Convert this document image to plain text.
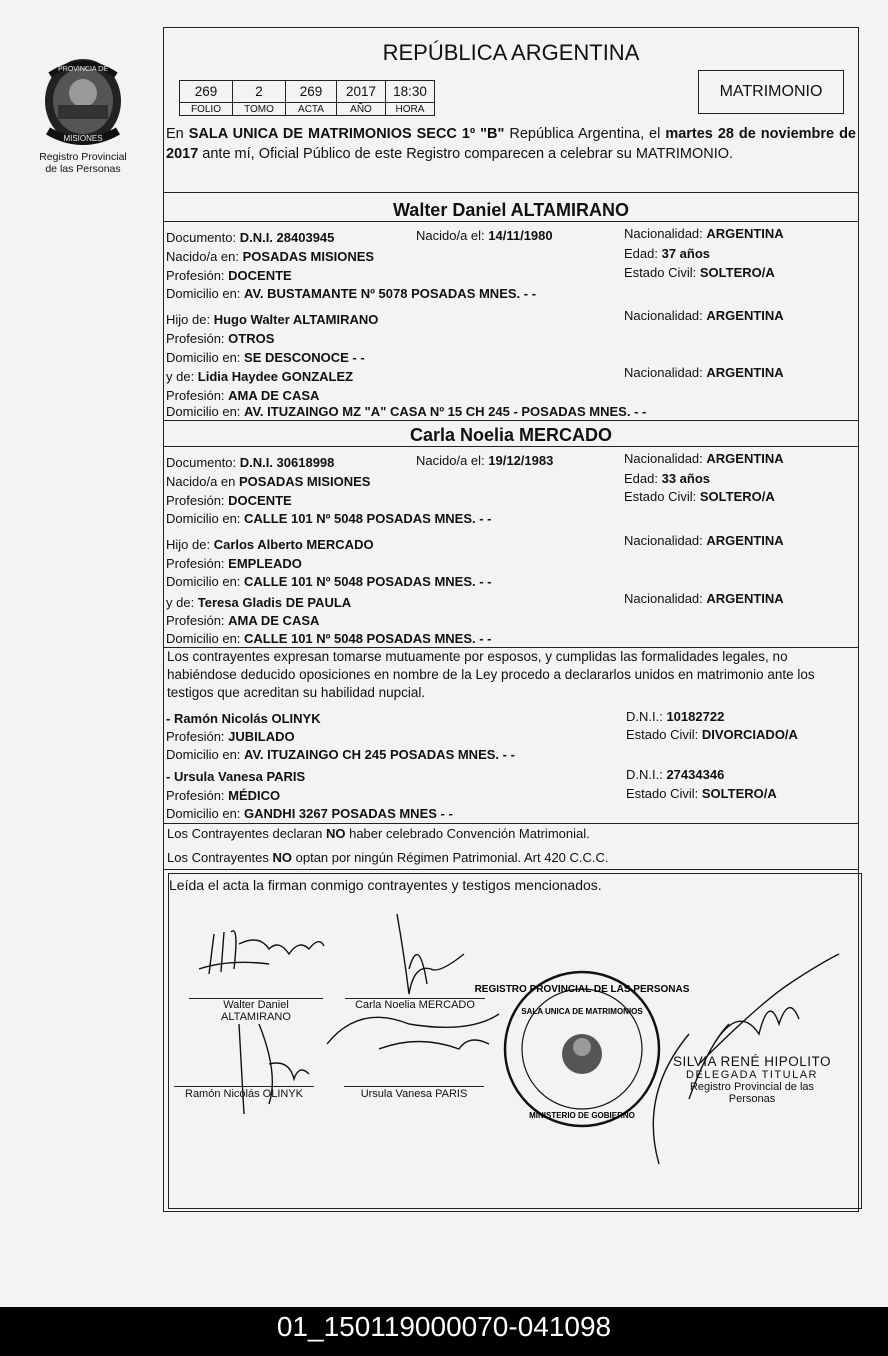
PROVINCIA DE
MISIONES
Registro Provincial
de las Personas
REPÚBLICA ARGENTINA
269	2	269	2017	18:30
FOLIO	TOMO	ACTA	AÑO	HORA
MATRIMONIO
En SALA UNICA DE MATRIMONIOS SECC 1º "B" República Argentina, el martes 28 de noviembre de 2017 ante mí, Oficial Público de este Registro comparecen a celebrar su MATRIMONIO.
Walter Daniel ALTAMIRANO
Documento: D.N.I. 28403945	Nacido/a el: 14/11/1980	Nacionalidad: ARGENTINA
Nacido/a en: POSADAS MISIONES	Edad: 37 años
Profesión: DOCENTE	Estado Civil: SOLTERO/A
Domicilio en: AV. BUSTAMANTE Nº 5078 POSADAS MNES. - -
Hijo de: Hugo Walter ALTAMIRANO	Nacionalidad: ARGENTINA
Profesión: OTROS
Domicilio en: SE DESCONOCE - -
y de: Lidia Haydee GONZALEZ	Nacionalidad: ARGENTINA
Profesión: AMA DE CASA
Domicilio en: AV. ITUZAINGO MZ "A" CASA Nº 15 CH 245 - POSADAS MNES. - -
Carla Noelia MERCADO
Documento: D.N.I. 30618998	Nacido/a el: 19/12/1983	Nacionalidad: ARGENTINA
Nacido/a en POSADAS MISIONES	Edad: 33 años
Profesión: DOCENTE	Estado Civil: SOLTERO/A
Domicilio en: CALLE 101 Nº 5048 POSADAS MNES. - -
Hijo de: Carlos Alberto MERCADO	Nacionalidad: ARGENTINA
Profesión: EMPLEADO
Domicilio en: CALLE 101 Nº 5048 POSADAS MNES. - -
y de: Teresa Gladis DE PAULA	Nacionalidad: ARGENTINA
Profesión: AMA DE CASA
Domicilio en: CALLE 101 Nº 5048 POSADAS MNES. - -
Los contrayentes expresan tomarse mutuamente por esposos, y cumplidas las formalidades legales, no habiéndose deducido oposiciones en nombre de la Ley procedo a declararlos unidos en matrimonio ante los testigos que acreditan su habilidad nupcial.
- Ramón Nicolás OLINYK	D.N.I.: 10182722
Profesión: JUBILADO	Estado Civil: DIVORCIADO/A
Domicilio en: AV. ITUZAINGO CH 245 POSADAS MNES. - -
- Ursula Vanesa PARIS	D.N.I.: 27434346
Profesión: MÉDICO	Estado Civil: SOLTERO/A
Domicilio en: GANDHI 3267 POSADAS MNES - -
Los Contrayentes declaran NO haber celebrado Convención Matrimonial.
Los Contrayentes NO optan por ningún Régimen Patrimonial. Art 420 C.C.C.
Leída el acta la firman conmigo contrayentes y testigos mencionados.
REGISTRO PROVINCIAL DE LAS PERSONAS
SALA UNICA DE MATRIMONIOS
MINISTERIO DE GOBIERNO
Walter Daniel
ALTAMIRANO
Carla Noelia MERCADO
Ramón Nicolás OLINYK	Ursula Vanesa PARIS
SILVIA RENÉ HIPOLITO
DELEGADA TITULAR
Registro Provincial de las Personas
01_150119000070-041098
